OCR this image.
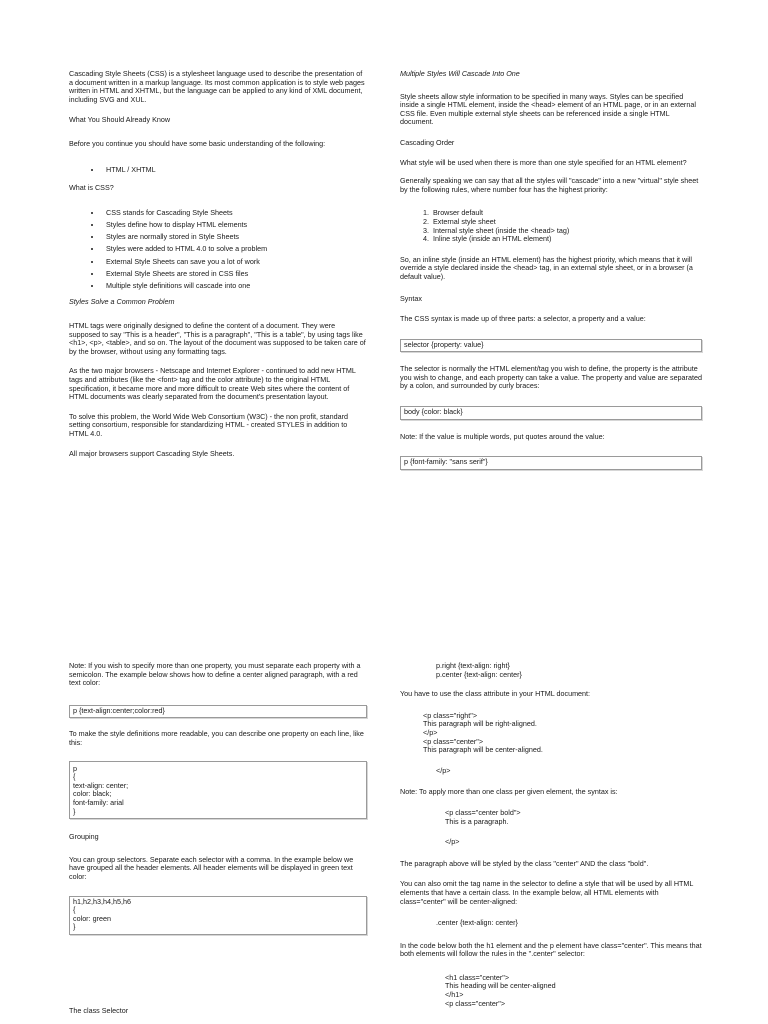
Cascading Style Sheets (CSS) is a stylesheet language used to describe the presentation of a document written in a markup language. Its most common application is to style web pages written in HTML and XHTML, but the language can be applied to any kind of XML document, including SVG and XUL.

What You Should Already Know

Before you continue you should have some basic understanding of the following:

• HTML / XHTML

What is CSS?

• CSS stands for Cascading Style Sheets
• Styles define how to display HTML elements
• Styles are normally stored in Style Sheets
• Styles were added to HTML 4.0 to solve a problem
• External Style Sheets can save you a lot of work
• External Style Sheets are stored in CSS files
• Multiple style definitions will cascade into one

Styles Solve a Common Problem

HTML tags were originally designed to define the content of a document. They were supposed to say "This is a header", "This is a paragraph", "This is a table", by using tags like <h1>, <p>, <table>, and so on. The layout of the document was supposed to be taken care of by the browser, without using any formatting tags.

As the two major browsers - Netscape and Internet Explorer - continued to add new HTML tags and attributes (like the <font> tag and the color attribute) to the original HTML specification, it became more and more difficult to create Web sites where the content of HTML documents was clearly separated from the document's presentation layout.

To solve this problem, the World Wide Web Consortium (W3C) - the non profit, standard setting consortium, responsible for standardizing HTML - created STYLES in addition to HTML 4.0.

All major browsers support Cascading Style Sheets.

Multiple Styles Will Cascade Into One

Style sheets allow style information to be specified in many ways. Styles can be specified inside a single HTML element, inside the <head> element of an HTML page, or in an external CSS file. Even multiple external style sheets can be referenced inside a single HTML document.

Cascading Order

What style will be used when there is more than one style specified for an HTML element?

Generally speaking we can say that all the styles will "cascade" into a new "virtual" style sheet by the following rules, where number four has the highest priority:

1. Browser default
2. External style sheet
3. Internal style sheet (inside the <head> tag)
4. Inline style (inside an HTML element)

So, an inline style (inside an HTML element) has the highest priority, which means that it will override a style declared inside the <head> tag, in an external style sheet, or in a browser (a default value).

Syntax

The CSS syntax is made up of three parts: a selector, a property and a value:

selector {property: value}

The selector is normally the HTML element/tag you wish to define, the property is the attribute you wish to change, and each property can take a value. The property and value are separated by a colon, and surrounded by curly braces:

body {color: black}

Note: If the value is multiple words, put quotes around the value:

p {font-family: "sans serif"}

Note: If you wish to specify more than one property, you must separate each property with a semicolon. The example below shows how to define a center aligned paragraph, with a red text color:

p {text-align:center;color:red}

To make the style definitions more readable, you can describe one property on each line, like this:

p
{
text-align: center;
color: black;
font-family: arial
}

Grouping

You can group selectors. Separate each selector with a comma. In the example below we have grouped all the header elements. All header elements will be displayed in green text color:

h1,h2,h3,h4,h5,h6
{
color: green
}

The class Selector

p.right {text-align: right}
p.center {text-align: center}

You have to use the class attribute in your HTML document:

<p class="right">
This paragraph will be right-aligned.
</p>
<p class="center">
This paragraph will be center-aligned.

</p>

Note: To apply more than one class per given element, the syntax is:

<p class="center bold">
This is a paragraph.

</p>

The paragraph above will be styled by the class "center" AND the class "bold".

You can also omit the tag name in the selector to define a style that will be used by all HTML elements that have a certain class. In the example below, all HTML elements with class="center" will be center-aligned:

.center {text-align: center}

In the code below both the h1 element and the p element have class="center". This means that both elements will follow the rules in the ".center" selector:

<h1 class="center">
This heading will be center-aligned
</h1>
<p class="center">
